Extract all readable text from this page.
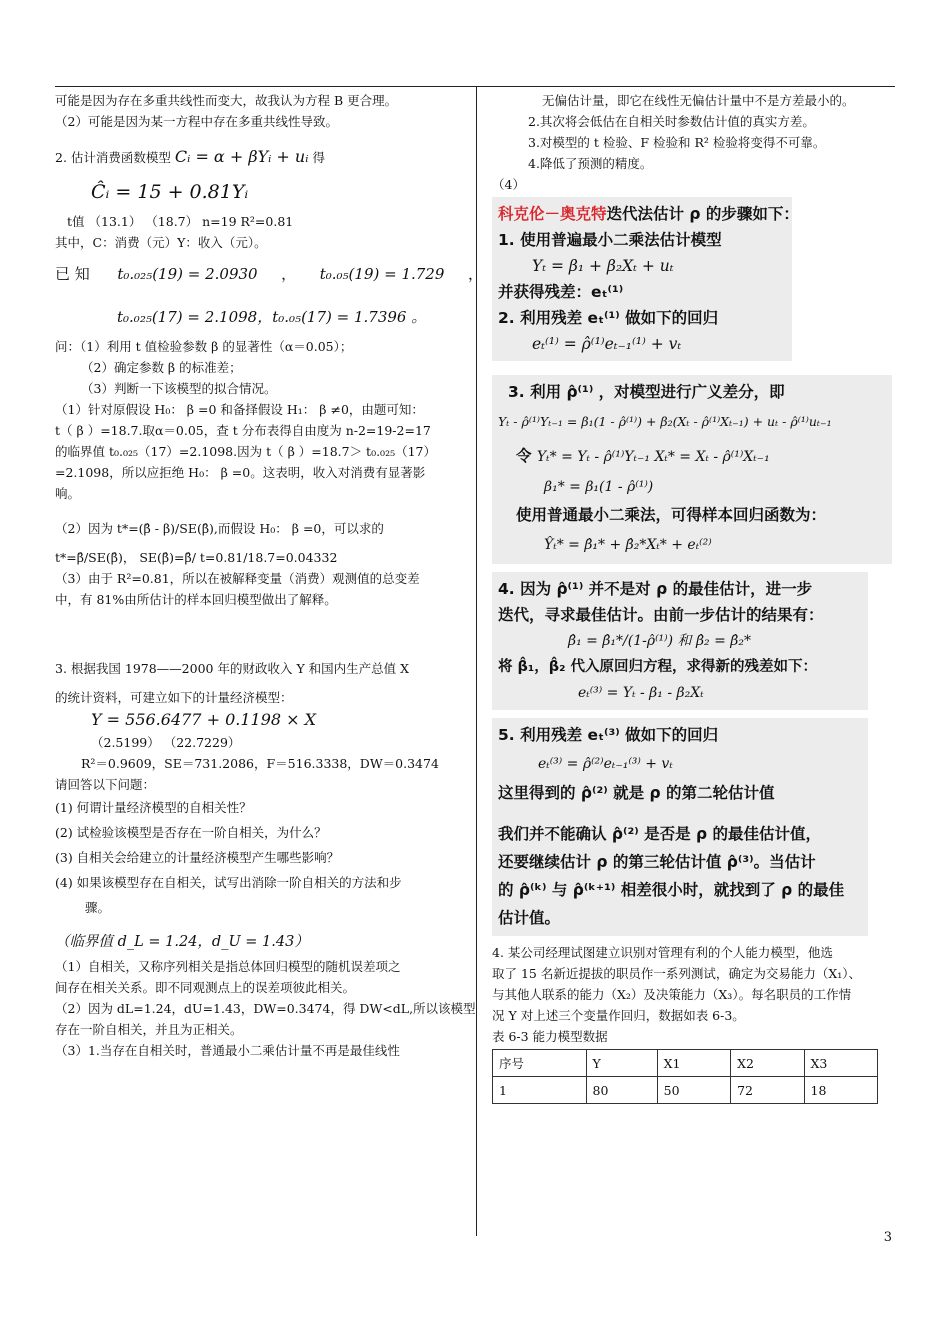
可能是因为存在多重共线性而变大，故我认为方程 B 更合理。
（2）可能是因为某一方程中存在多重共线性导致。
2. 估计消费函数模型 Cᵢ = α + βYᵢ + uᵢ 得
Ĉᵢ = 15 + 0.81Yᵢ
t值 （13.1） （18.7） n=19 R²=0.81
其中，C：消费（元）Y：收入（元）。
已 知 t₀.₀₂₅(19) = 2.0930 ， t₀.₀₅(19) = 1.729 ，
t₀.₀₂₅(17) = 2.1098，t₀.₀₅(17) = 1.7396 。
问：（1）利用 t 值检验参数 β 的显著性（α＝0.05）；
（2）确定参数 β 的标准差；
（3）判断一下该模型的拟合情况。
（1）针对原假设 H₀： β =0 和备择假设 H₁： β ≠0，由题可知：
t（ β ）=18.7.取α＝0.05，查 t 分布表得自由度为 n-2=19-2=17
的临界值 t₀.₀₂₅（17）=2.1098.因为 t（ β ）=18.7＞ t₀.₀₂₅（17）
=2.1098，所以应拒绝 H₀： β =0。这表明，收入对消费有显著影
响。
（2）因为 t*=(β̂ - β)/SE(β̂),而假设 H₀： β =0，可以求的
t*=β̂/SE(β̂)， SE(β̂)=β̂/ t=0.81/18.7=0.04332
（3）由于 R²=0.81，所以在被解释变量（消费）观测值的总变差
中，有 81%由所估计的样本回归模型做出了解释。
3. 根据我国 1978——2000 年的财政收入 Y 和国内生产总值 X
的统计资料，可建立如下的计量经济模型：
Y = 556.6477 + 0.1198 × X
（2.5199） （22.7229）
R²＝0.9609，SE＝731.2086，F＝516.3338，DW＝0.3474
请回答以下问题：
(1) 何谓计量经济模型的自相关性？
(2) 试检验该模型是否存在一阶自相关，为什么？
(3) 自相关会给建立的计量经济模型产生哪些影响？
(4) 如果该模型存在自相关，试写出消除一阶自相关的方法和步
骤。
（临界值 d_L = 1.24，d_U = 1.43）
（1）自相关，又称序列相关是指总体回归模型的随机误差项之
间存在相关关系。即不同观测点上的误差项彼此相关。
（2）因为 dL=1.24，dU=1.43，DW=0.3474，得 DW<dL,所以该模型
存在一阶自相关，并且为正相关。
（3）1.当存在自相关时，普通最小二乘估计量不再是最佳线性
无偏估计量，即它在线性无偏估计量中不是方差最小的。
2.其次将会低估在自相关时参数估计值的真实方差。
3.对模型的 t 检验、F 检验和 R² 检验将变得不可靠。
4.降低了预测的精度。
（4）
科克伦－奥克特迭代法估计 ρ 的步骤如下：
1. 使用普遍最小二乘法估计模型
Yₜ = β₁ + β₂Xₜ + uₜ
并获得残差：eₜ⁽¹⁾
2. 利用残差 eₜ⁽¹⁾ 做如下的回归
eₜ⁽¹⁾ = ρ̂⁽¹⁾eₜ₋₁⁽¹⁾ + vₜ
3. 利用 ρ̂⁽¹⁾ ，对模型进行广义差分，即
Yₜ - ρ̂⁽¹⁾Yₜ₋₁ = β₁(1 - ρ̂⁽¹⁾) + β₂(Xₜ - ρ̂⁽¹⁾Xₜ₋₁) + uₜ - ρ̂⁽¹⁾uₜ₋₁
令 Yₜ* = Yₜ - ρ̂⁽¹⁾Yₜ₋₁ Xₜ* = Xₜ - ρ̂⁽¹⁾Xₜ₋₁
β₁* = β₁(1 - ρ̂⁽¹⁾)
使用普通最小二乘法，可得样本回归函数为：
Ŷₜ* = β̂₁* + β̂₂*Xₜ* + eₜ⁽²⁾
4. 因为 ρ̂⁽¹⁾ 并不是对 ρ 的最佳估计，进一步
迭代，寻求最佳估计。由前一步估计的结果有：
β̂₁ = β̂₁*/(1-ρ̂⁽¹⁾) 和 β̂₂ = β̂₂*
将 β̂₁，β̂₂ 代入原回归方程，求得新的残差如下：
eₜ⁽³⁾ = Yₜ - β₁ - β₂Xₜ
5. 利用残差 eₜ⁽³⁾ 做如下的回归
eₜ⁽³⁾ = ρ̂⁽²⁾eₜ₋₁⁽³⁾ + vₜ
这里得到的 ρ̂⁽²⁾ 就是 ρ 的第二轮估计值
我们并不能确认 ρ̂⁽²⁾ 是否是 ρ 的最佳估计值，
还要继续估计 ρ 的第三轮估计值 ρ̂⁽³⁾。当估计
的 ρ̂⁽ᵏ⁾ 与 ρ̂⁽ᵏ⁺¹⁾ 相差很小时，就找到了 ρ 的最佳
估计值。
4. 某公司经理试图建立识别对管理有利的个人能力模型，他选
取了 15 名新近提拔的职员作一系列测试，确定为交易能力（X₁）、
与其他人联系的能力（X₂）及决策能力（X₃）。每名职员的工作情
况 Y 对上述三个变量作回归，数据如表 6-3。
表 6-3 能力模型数据
序号	Y	X1	X2	X3
1	80	50	72	18
3
